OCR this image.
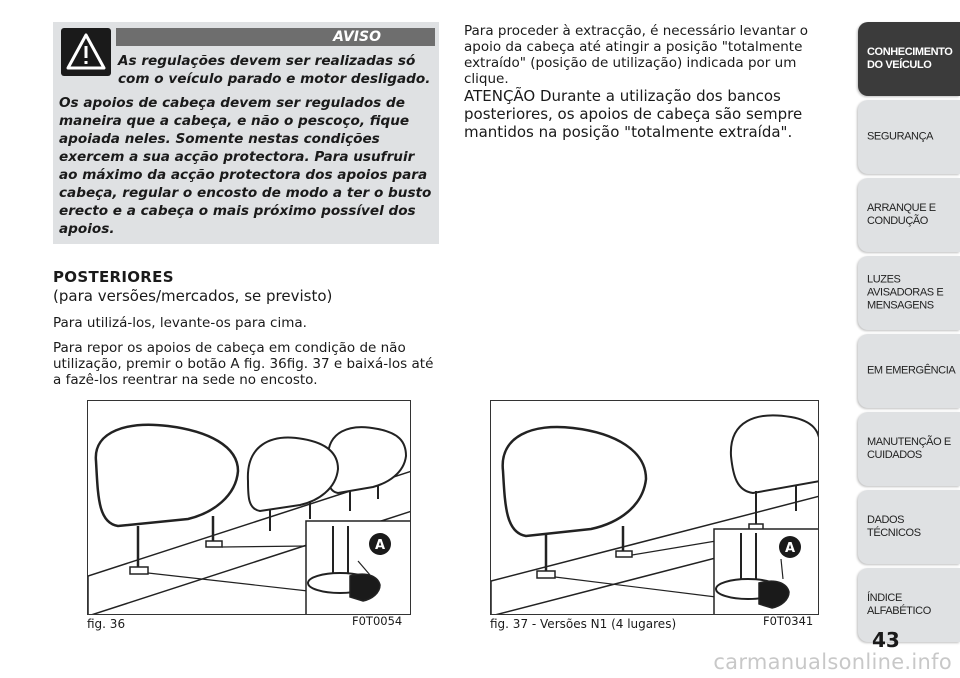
AVISO
As regulações devem ser realizadas só com o veículo parado e motor desligado.
Os apoios de cabeça devem ser regulados de maneira que a cabeça, e não o pescoço, fique apoiada neles. Somente nestas condições exercem a sua acção protectora. Para usufruir ao máximo da acção protectora dos apoios para cabeça, regular o encosto de modo a ter o busto erecto e a cabeça o mais próximo possível dos apoios.
POSTERIORES
(para versões/mercados, se previsto)
Para utilizá-los, levante-os para cima.
Para repor os apoios de cabeça em condição de não utilização, premir o botão A fig. 36fig. 37 e baixá-los até a fazê-los reentrar na sede no encosto.
Para proceder à extracção, é necessário levantar o apoio da cabeça até atingir a posição "totalmente extraído" (posição de utilização) indicada por um clique.
ATENÇÃO Durante a utilização dos bancos posteriores, os apoios de cabeça são sempre mantidos na posição "totalmente extraída".
A
fig. 36	F0T0054
A
fig. 37 - Versões N1 (4 lugares)	F0T0341
CONHECIMENTO DO VEÍCULO
SEGURANÇA
ARRANQUE E CONDUÇÃO
LUZES AVISADORAS E MENSAGENS
EM EMERGÊNCIA
MANUTENÇÃO E CUIDADOS
DADOS TÉCNICOS
ÍNDICE ALFABÉTICO
43
carmanualsonline.info
